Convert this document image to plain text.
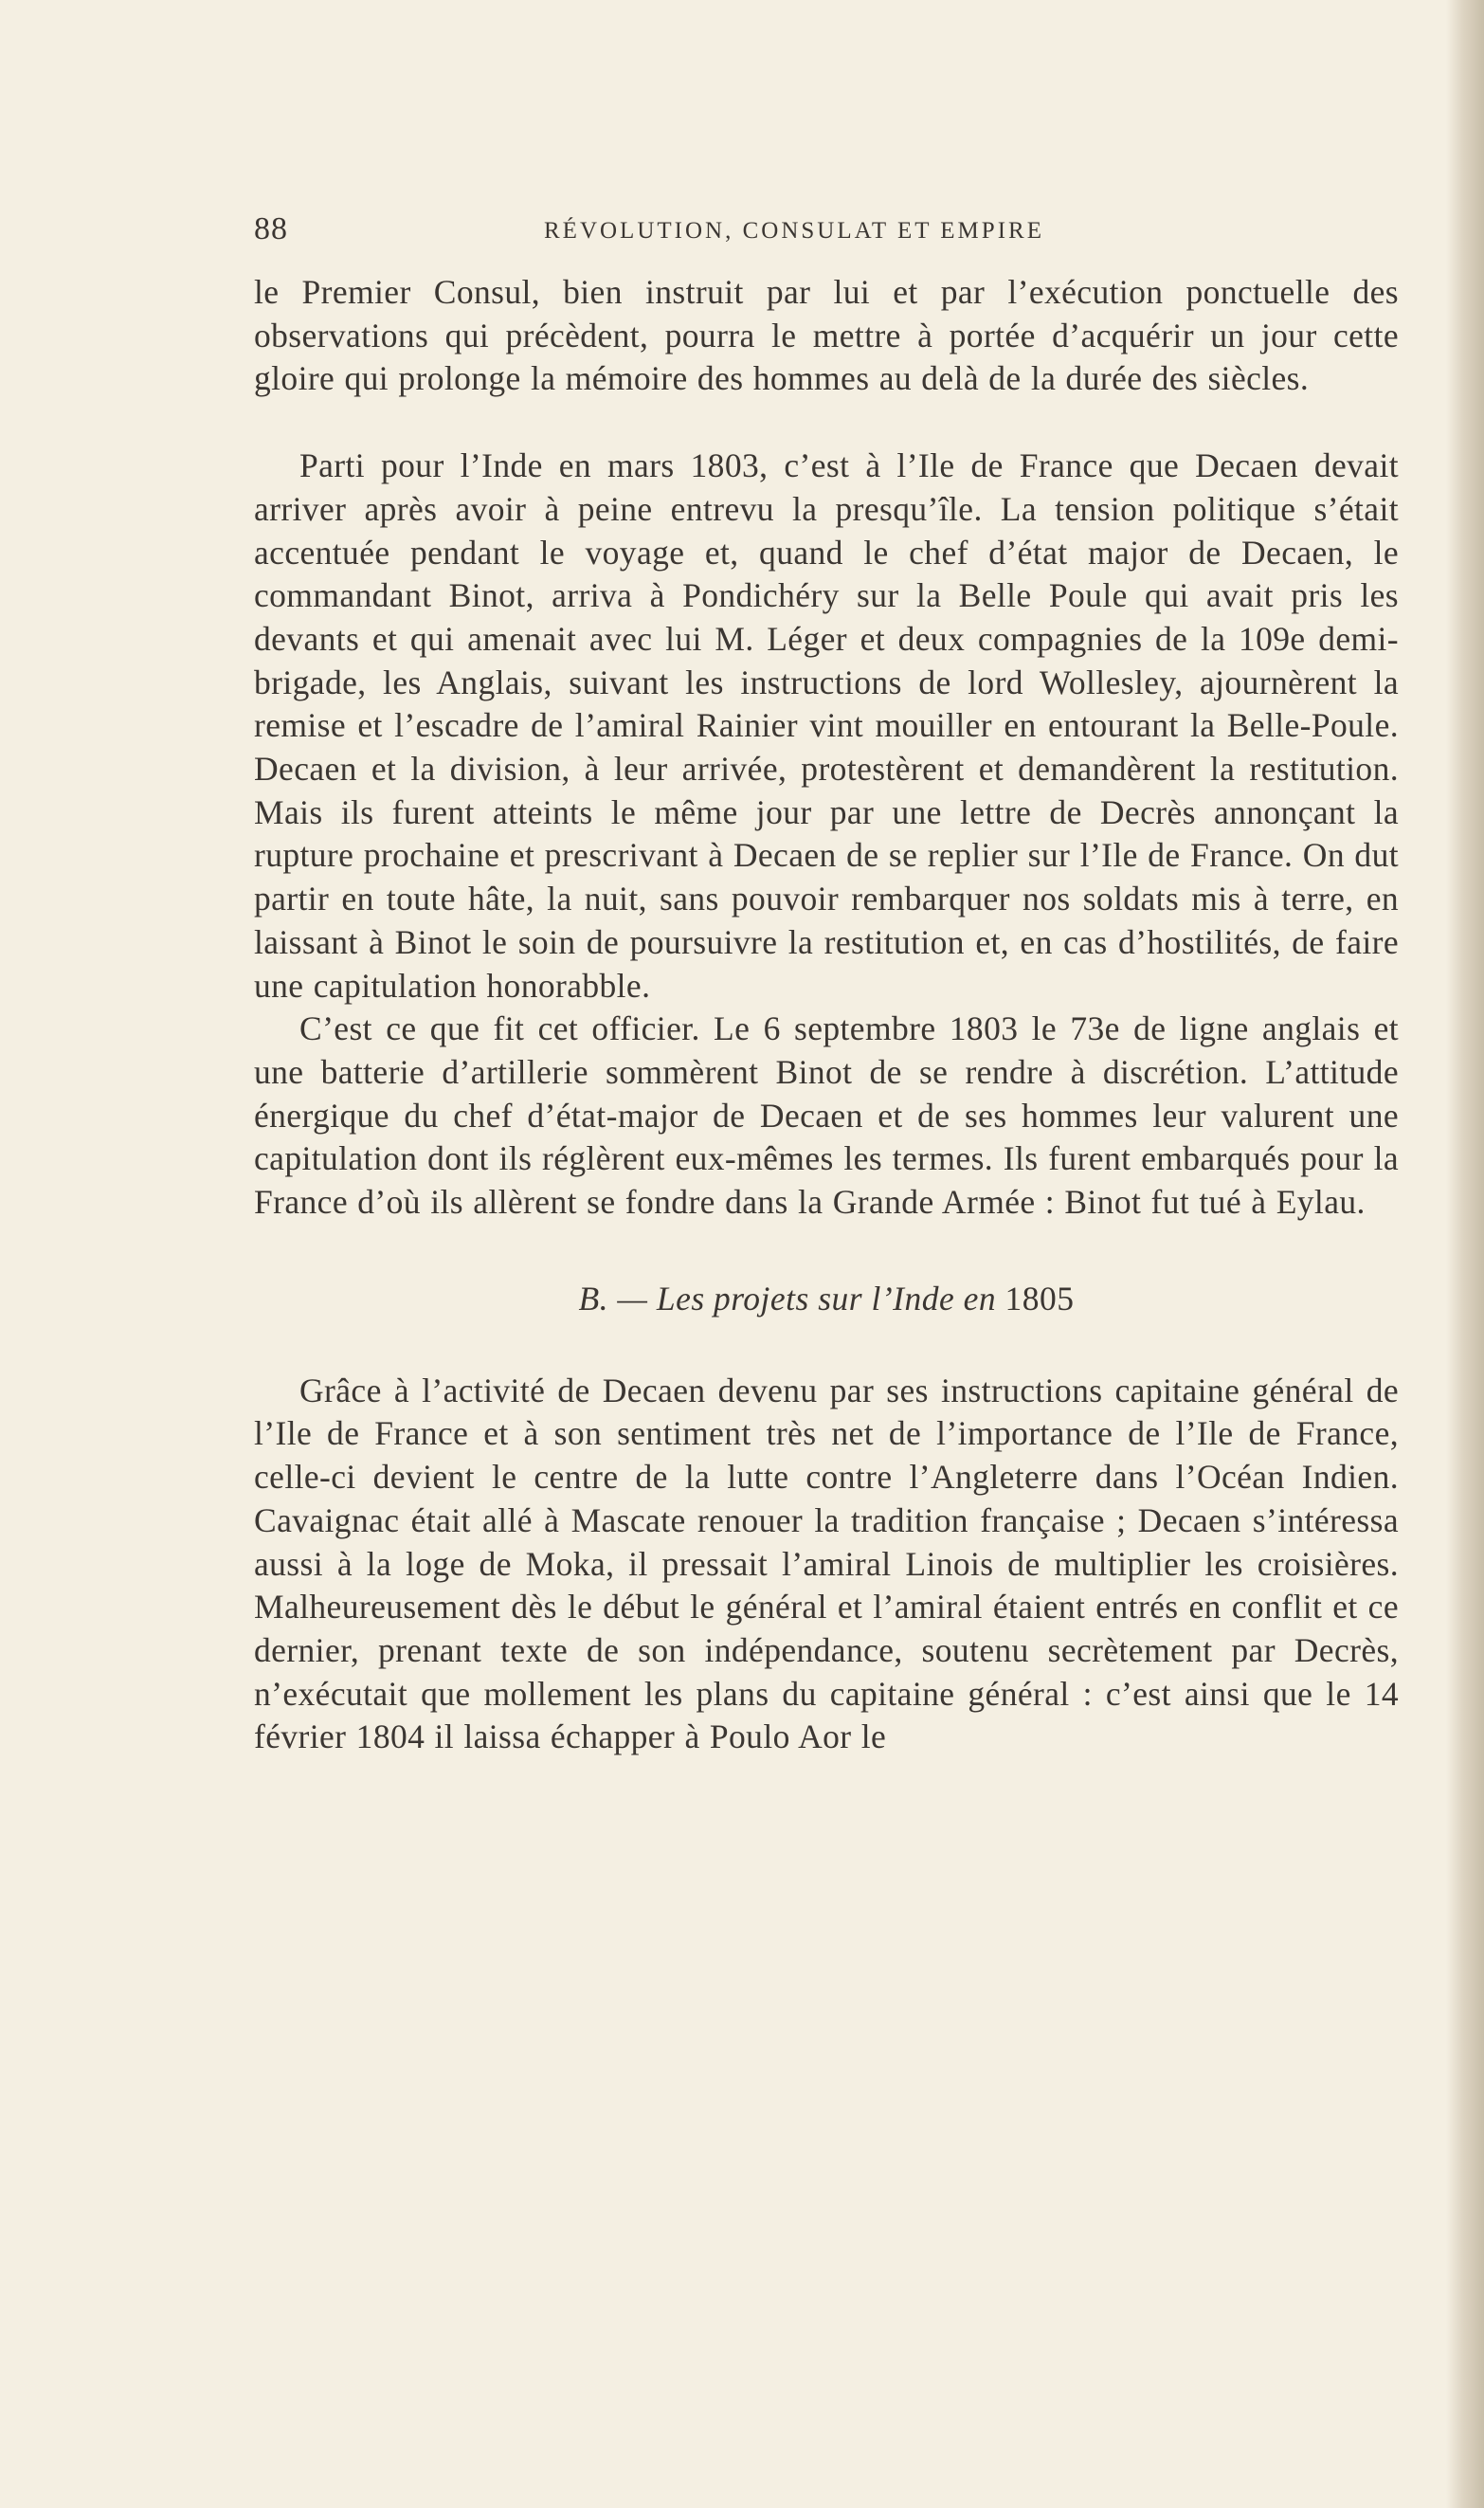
88	RÉVOLUTION, CONSULAT ET EMPIRE

le Premier Consul, bien instruit par lui et par l’exécution ponctuelle des observations qui précèdent, pourra le mettre à portée d’acquérir un jour cette gloire qui prolonge la mémoire des hommes au delà de la durée des siècles.

Parti pour l’Inde en mars 1803, c’est à l’Ile de France que Decaen devait arriver après avoir à peine entrevu la presqu’île. La tension politique s’était accentuée pendant le voyage et, quand le chef d’état major de Decaen, le commandant Binot, arriva à Pondichéry sur la Belle Poule qui avait pris les devants et qui amenait avec lui M. Léger et deux compagnies de la 109e demi-brigade, les Anglais, suivant les instructions de lord Wollesley, ajournèrent la remise et l’escadre de l’amiral Rainier vint mouiller en entourant la Belle-Poule. Decaen et la division, à leur arrivée, protestèrent et demandèrent la restitution. Mais ils furent atteints le même jour par une lettre de Decrès annonçant la rupture prochaine et prescrivant à Decaen de se replier sur l’Ile de France. On dut partir en toute hâte, la nuit, sans pouvoir rembarquer nos soldats mis à terre, en laissant à Binot le soin de poursuivre la restitution et, en cas d’hostilités, de faire une capitulation honorabble.

C’est ce que fit cet officier. Le 6 septembre 1803 le 73e de ligne anglais et une batterie d’artillerie sommèrent Binot de se rendre à discrétion. L’attitude énergique du chef d’état-major de Decaen et de ses hommes leur valurent une capitulation dont ils réglèrent eux-mêmes les termes. Ils furent embarqués pour la France d’où ils allèrent se fondre dans la Grande Armée : Binot fut tué à Eylau.

B. — Les projets sur l’Inde en 1805

Grâce à l’activité de Decaen devenu par ses instructions capitaine général de l’Ile de France et à son sentiment très net de l’importance de l’Ile de France, celle-ci devient le centre de la lutte contre l’Angleterre dans l’Océan Indien. Cavaignac était allé à Mascate renouer la tradition française ; Decaen s’intéressa aussi à la loge de Moka, il pressait l’amiral Linois de multiplier les croisières. Malheureusement dès le début le général et l’amiral étaient entrés en conflit et ce dernier, prenant texte de son indépendance, soutenu secrètement par Decrès, n’exécutait que mollement les plans du capitaine général : c’est ainsi que le 14 février 1804 il laissa échapper à Poulo Aor le
